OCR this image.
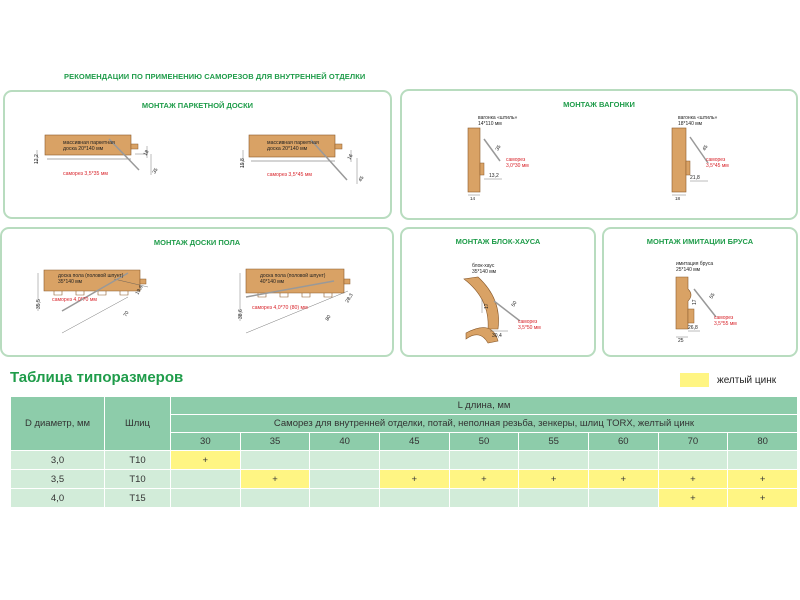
РЕКОМЕНДАЦИИ ПО ПРИМЕНЕНИЮ САМОРЕЗОВ ДЛЯ ВНУТРЕННЕЙ ОТДЕЛКИ
МОНТАЖ ПАРКЕТНОЙ ДОСКИ
массивная паркетная
доска 20*140 мм
12,2
18
35
саморез 3,5*35 мм
массивная паркетная
доска 20*140 мм
19,8
16
45
саморез 3,5*45 мм
МОНТАЖ ВАГОНКИ
вагонка «штиль»
14*110 мм
35
13,2
14
саморез
3,0*30 мм
вагонка «штиль»
18*140 мм
45
21,8
18
саморез
3,5*45 мм
МОНТАЖ ДОСКИ ПОЛА
доска пола (половой шпунт)
35*140 мм
35,5
19,6
70
саморез 4,0*70 мм
доска пола (половой шпунт)
40*140 мм
38,6
28,3
80
саморез 4,0*70 (80) мм
МОНТАЖ БЛОК-ХАУСА
блок-хаус
35*140 мм
50
17
30,4
саморез
3,5*50 мм
МОНТАЖ ИМИТАЦИИ БРУСА
имитация бруса
25*140 мм
55
17
26,8
25
саморез
3,5*55 мм
Таблица типоразмеров	желтый цинк
D диаметр, мм	Шлиц	L длина, мм								
		Саморез для внутренней отделки, потай, неполная резьба, зенкеры, шлиц TORX, желтый цинк								
		30	35	40	45	50	55	60	70	80
3,0	T10	+								
3,5	T10		+		+	+	+	+	+	+
4,0	T15								+	+
